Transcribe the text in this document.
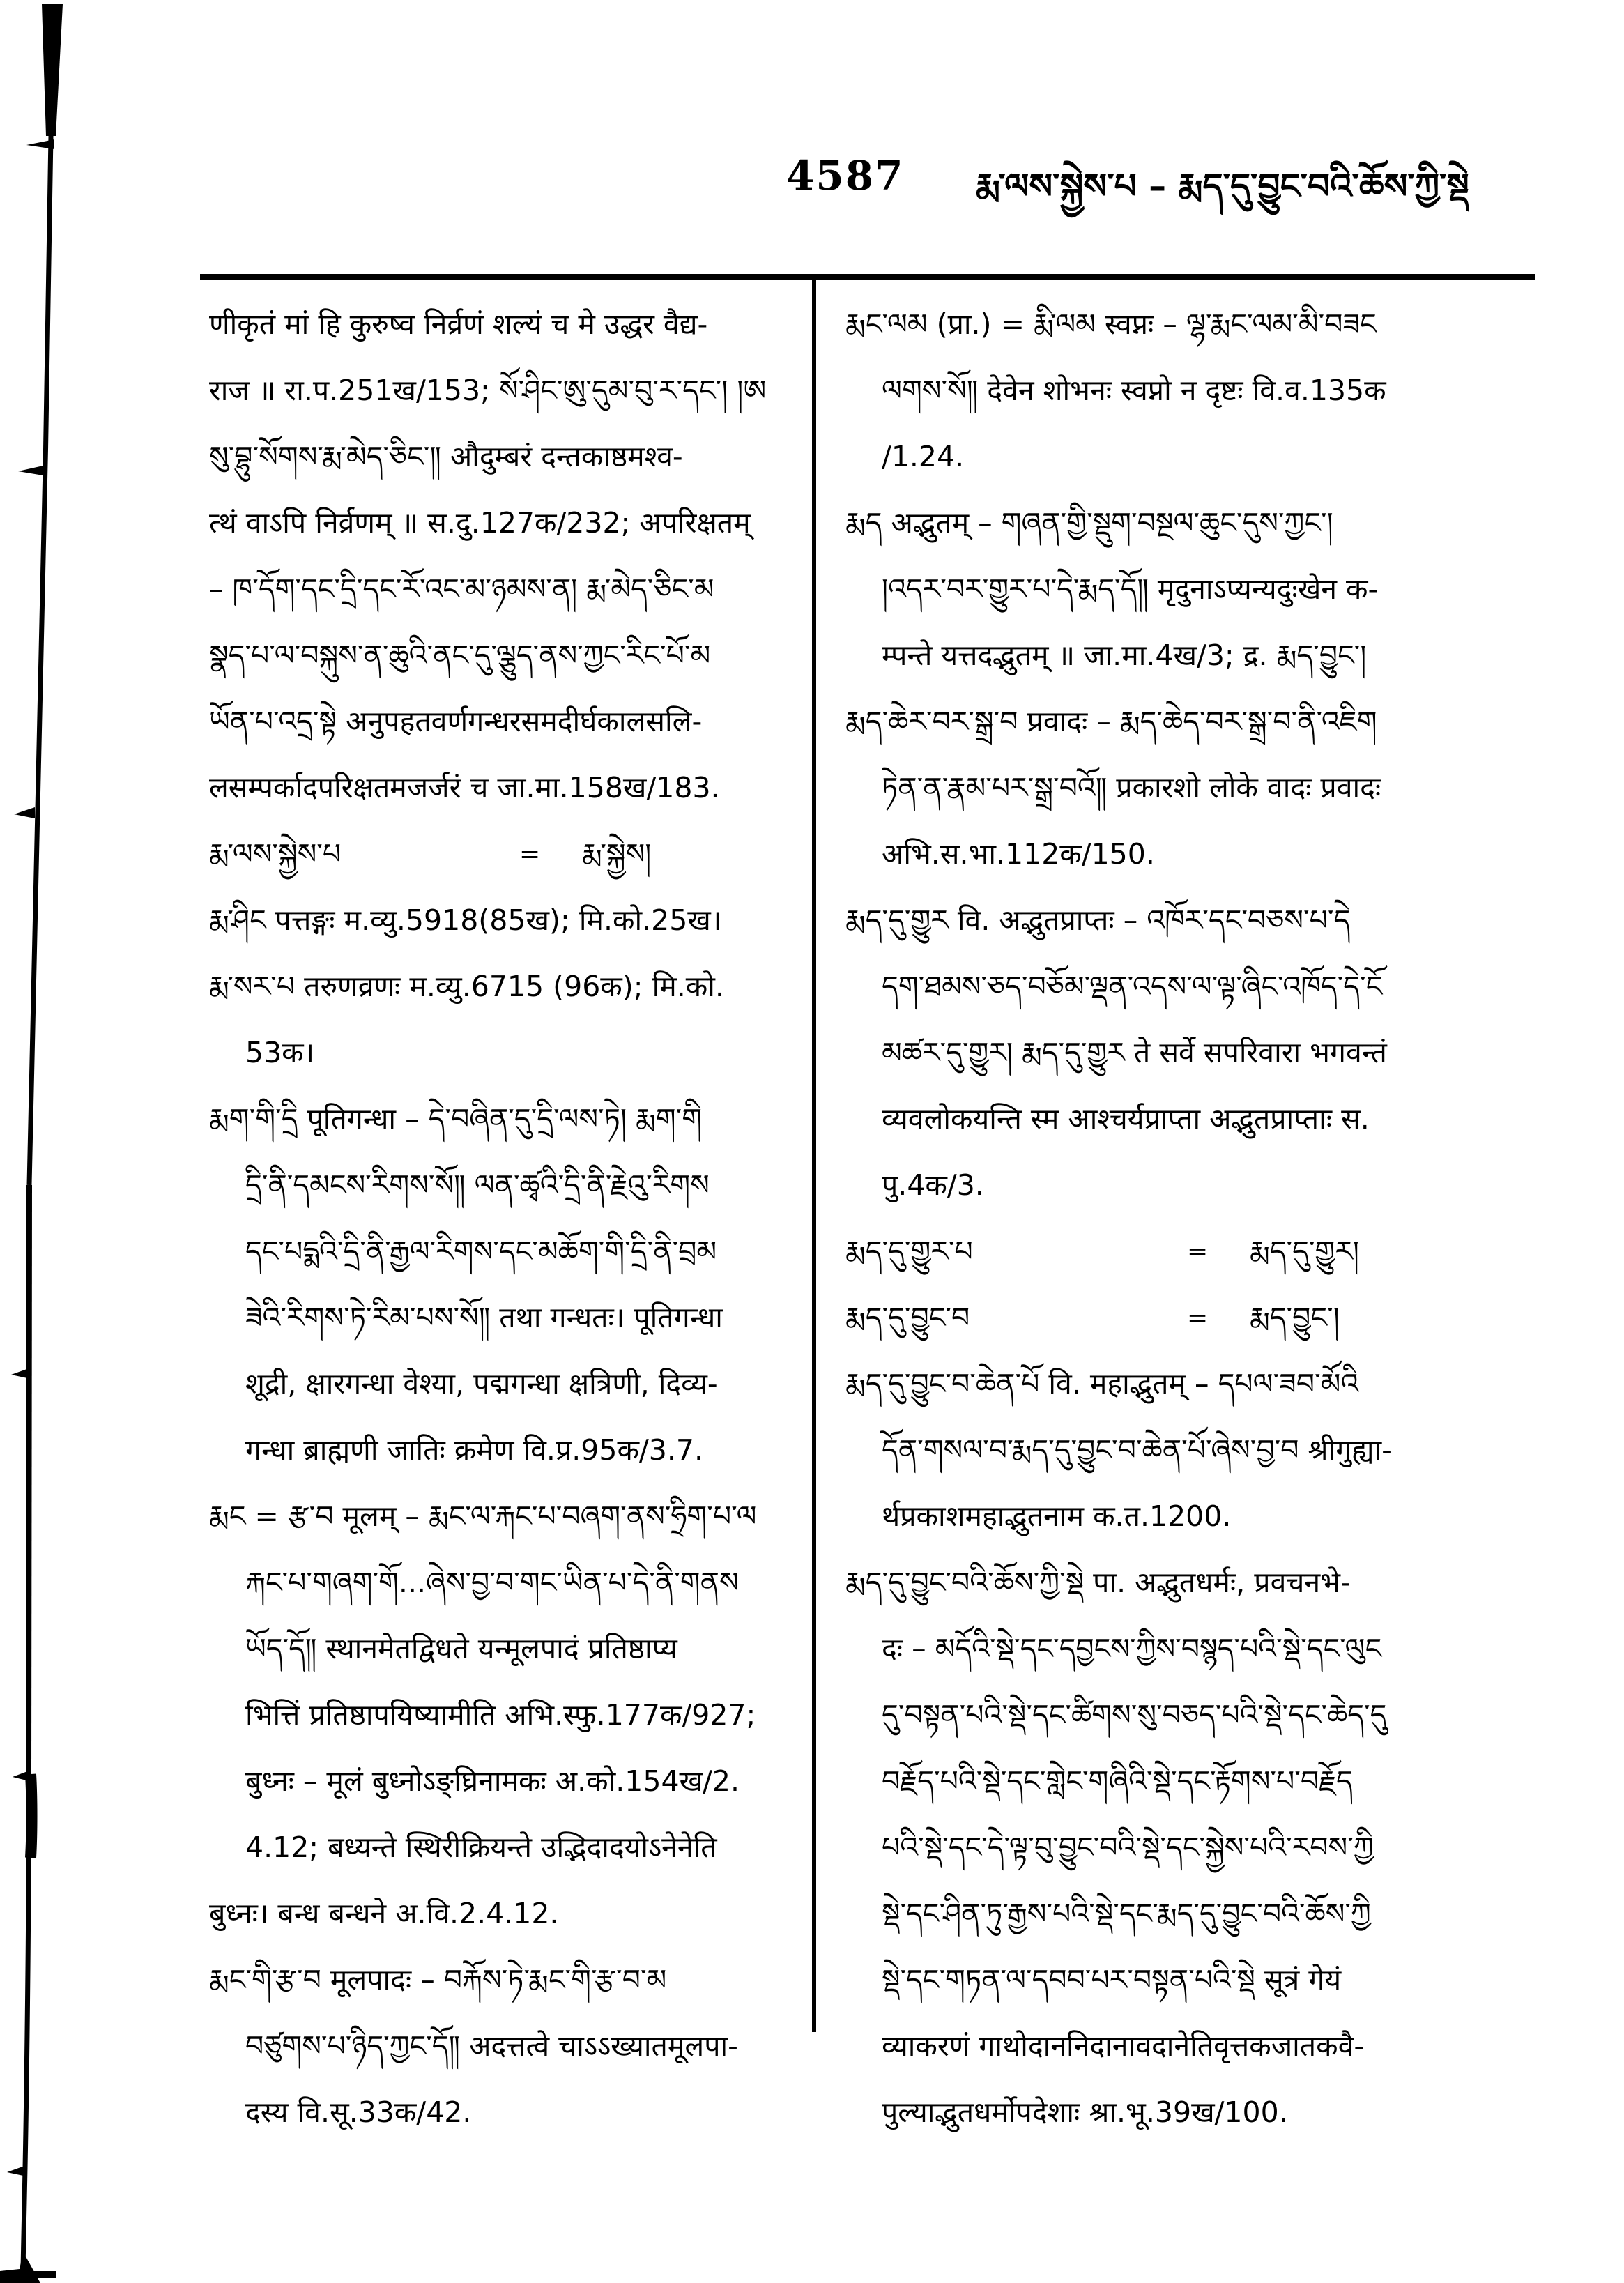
4587 རྨ་ལས་སྐྱེས་པ – རྨད་དུ་བྱུང་བའི་ཆོས་ཀྱི་སྡེ
णीकृतं मां हि कुरुष्व निर्व्रणं शल्यं च मे उद्धर वैद्य-
राज ॥ रा.प.251ख/153; སོ་ཤིང་ཨུ་དུམ་བུ་ར་དང་། །ཨ
སུ་བྷུ་སོགས་རྨ་མེད་ཅིང་༎ औदुम्बरं दन्तकाष्ठमश्व-
त्थं वाऽपि निर्व्रणम् ॥ स.दु.127क/232; अपरिक्षतम्
– ཁ་དོག་དང་དྲི་དང་རོ་འང་མ་ཉམས་ན། རྨ་མེད་ཅིང་མ
སྣད་པ་ལ་བསྐུས་ན་ཆུའི་ནང་དུ་ལྕུད་ནས་ཀྱང་རིང་པོ་མ
ཡོན་པ་འདྲ་སྟེ अनुपहतवर्णगन्धरसमदीर्घकालसलि-
लसम्पर्कादपरिक्षतमजर्जरं च जा.मा.158ख/183.
རྨ་ལས་སྐྱེས་པ	=	རྨ་སྐྱེས།
རྨ་ཤིང पत्तङ्गः म.व्यु.5918(85ख); मि.को.25ख।
རྨ་སར་པ तरुणव्रणः म.व्यु.6715 (96क); मि.को.
53क।
རྨག་གི་དྲི पूतिगन्धा – དེ་བཞིན་དུ་དྲི་ལས་ཏེ། རྨག་གི
དྲི་ནི་དམངས་རིགས་སོ༎ ལན་ཚྭའི་དྲི་ནི་རྗེའུ་རིགས
དང་པདྨའི་དྲི་ནི་རྒྱལ་རིགས་དང་མཆོག་གི་དྲི་ནི་བྲམ
ཟེའི་རིགས་ཏེ་རིམ་པས་སོ༎ तथा गन्धतः। पूतिगन्धा
शूद्री, क्षारगन्धा वेश्या, पद्मगन्धा क्षत्रिणी, दिव्य-
गन्धा ब्राह्मणी जातिः क्रमेण वि.प्र.95क/3.7.
རྨང = རྩ་བ मूलम् – རྨང་ལ་རྐང་པ་བཞག་ནས་ཧྲིག་པ་ལ
རྐང་པ་གཞག་གོ...ཞེས་བྱ་བ་གང་ཡིན་པ་དེ་ནི་གནས
ཡོད་དོ༎ स्थानमेतद्विधते यन्मूलपादं प्रतिष्ठाप्य
भित्तिं प्रतिष्ठापयिष्यामीति अभि.स्फु.177क/927;
बुध्नः – मूलं बुध्नोऽङ्घ्रिनामकः अ.को.154ख/2.
4.12; बध्यन्ते स्थिरीक्रियन्ते उद्भिदादयोऽनेनेति
बुध्नः। बन्ध बन्धने अ.वि.2.4.12.
རྨང་གི་རྩ་བ मूलपादः – བརྐོས་ཏེ་རྨང་གི་རྩ་བ་མ
བཙུགས་པ་ཉིད་ཀྱང་དོ༎ अदत्तत्वे चाऽऽख्यातमूलपा-
दस्य वि.सू.33क/42.
རྨང་ལམ (प्रा.) = རྨི་ལམ स्वप्नः – ལྷ་རྨང་ལམ་མི་བཟང
ལགས་སོ༎ देवेन शोभनः स्वप्नो न दृष्टः वि.व.135क
/1.24.
རྨད अद्भुतम् – གཞན་གྱི་སྡུག་བསྔལ་ཆུང་དུས་ཀྱང་།
།འདར་བར་གྱུར་པ་དེ་རྨད་དོ༎ मृदुनाऽप्यन्यदुःखेन क-
म्पन्ते यत्तदद्भुतम् ॥ जा.मा.4ख/3; द्र. རྨད་བྱུང་།
རྨད་ཆེར་བར་སྒྲ་བ प्रवादः – རྨད་ཆེད་བར་སྒྲ་བ་ནི་འཇིག
ཏེན་ན་རྣམ་པར་སྒྲ་བའོ༎ प्रकारशो लोके वादः प्रवादः
अभि.स.भा.112क/150.
རྨད་དུ་གྱུར वि. अद्भुतप्राप्तः – འཁོར་དང་བཅས་པ་དེ
དག་ཐམས་ཅད་བཅོམ་ལྡན་འདས་ལ་ལྟ་ཞིང་འཁོད་དེ་ངོ
མཚར་དུ་གྱུར། རྨད་དུ་གྱུར ते सर्वे सपरिवारा भगवन्तं
व्यवलोकयन्ति स्म आश्चर्यप्राप्ता अद्भुतप्राप्ताः स.
पु.4क/3.
རྨད་དུ་གྱུར་པ	=	རྨད་དུ་གྱུར།
རྨད་དུ་བྱུང་བ	=	རྨད་བྱུང་།
རྨད་དུ་བྱུང་བ་ཆེན་པོ वि. महाद्भुतम् – དཔལ་ཟབ་མོའི
དོན་གསལ་བ་རྨད་དུ་བྱུང་བ་ཆེན་པོ་ཞེས་བྱ་བ श्रीगुह्या-
र्थप्रकाशमहाद्भुतनाम क.त.1200.
རྨད་དུ་བྱུང་བའི་ཆོས་ཀྱི་སྡེ पा. अद्भुतधर्मः, प्रवचनभे-
दः – མདོའི་སྡེ་དང་དབྱངས་ཀྱིས་བསྙད་པའི་སྡེ་དང་ལུང
དུ་བསྟན་པའི་སྡེ་དང་ཚིགས་སུ་བཅད་པའི་སྡེ་དང་ཆེད་དུ
བརྗོད་པའི་སྡེ་དང་གླེང་གཞིའི་སྡེ་དང་རྟོགས་པ་བརྗོད
པའི་སྡེ་དང་དེ་ལྟ་བུ་བྱུང་བའི་སྡེ་དང་སྐྱེས་པའི་རབས་ཀྱི
སྡེ་དང་ཤིན་ཏུ་རྒྱས་པའི་སྡེ་དང་རྨད་དུ་བྱུང་བའི་ཆོས་ཀྱི
སྡེ་དང་གཏན་ལ་དབབ་པར་བསྟན་པའི་སྡེ सूत्रं गेयं
व्याकरणं गाथोदाननिदानावदानेतिवृत्तकजातकवै-
पुल्याद्भुतधर्मोपदेशाः श्रा.भू.39ख/100.
